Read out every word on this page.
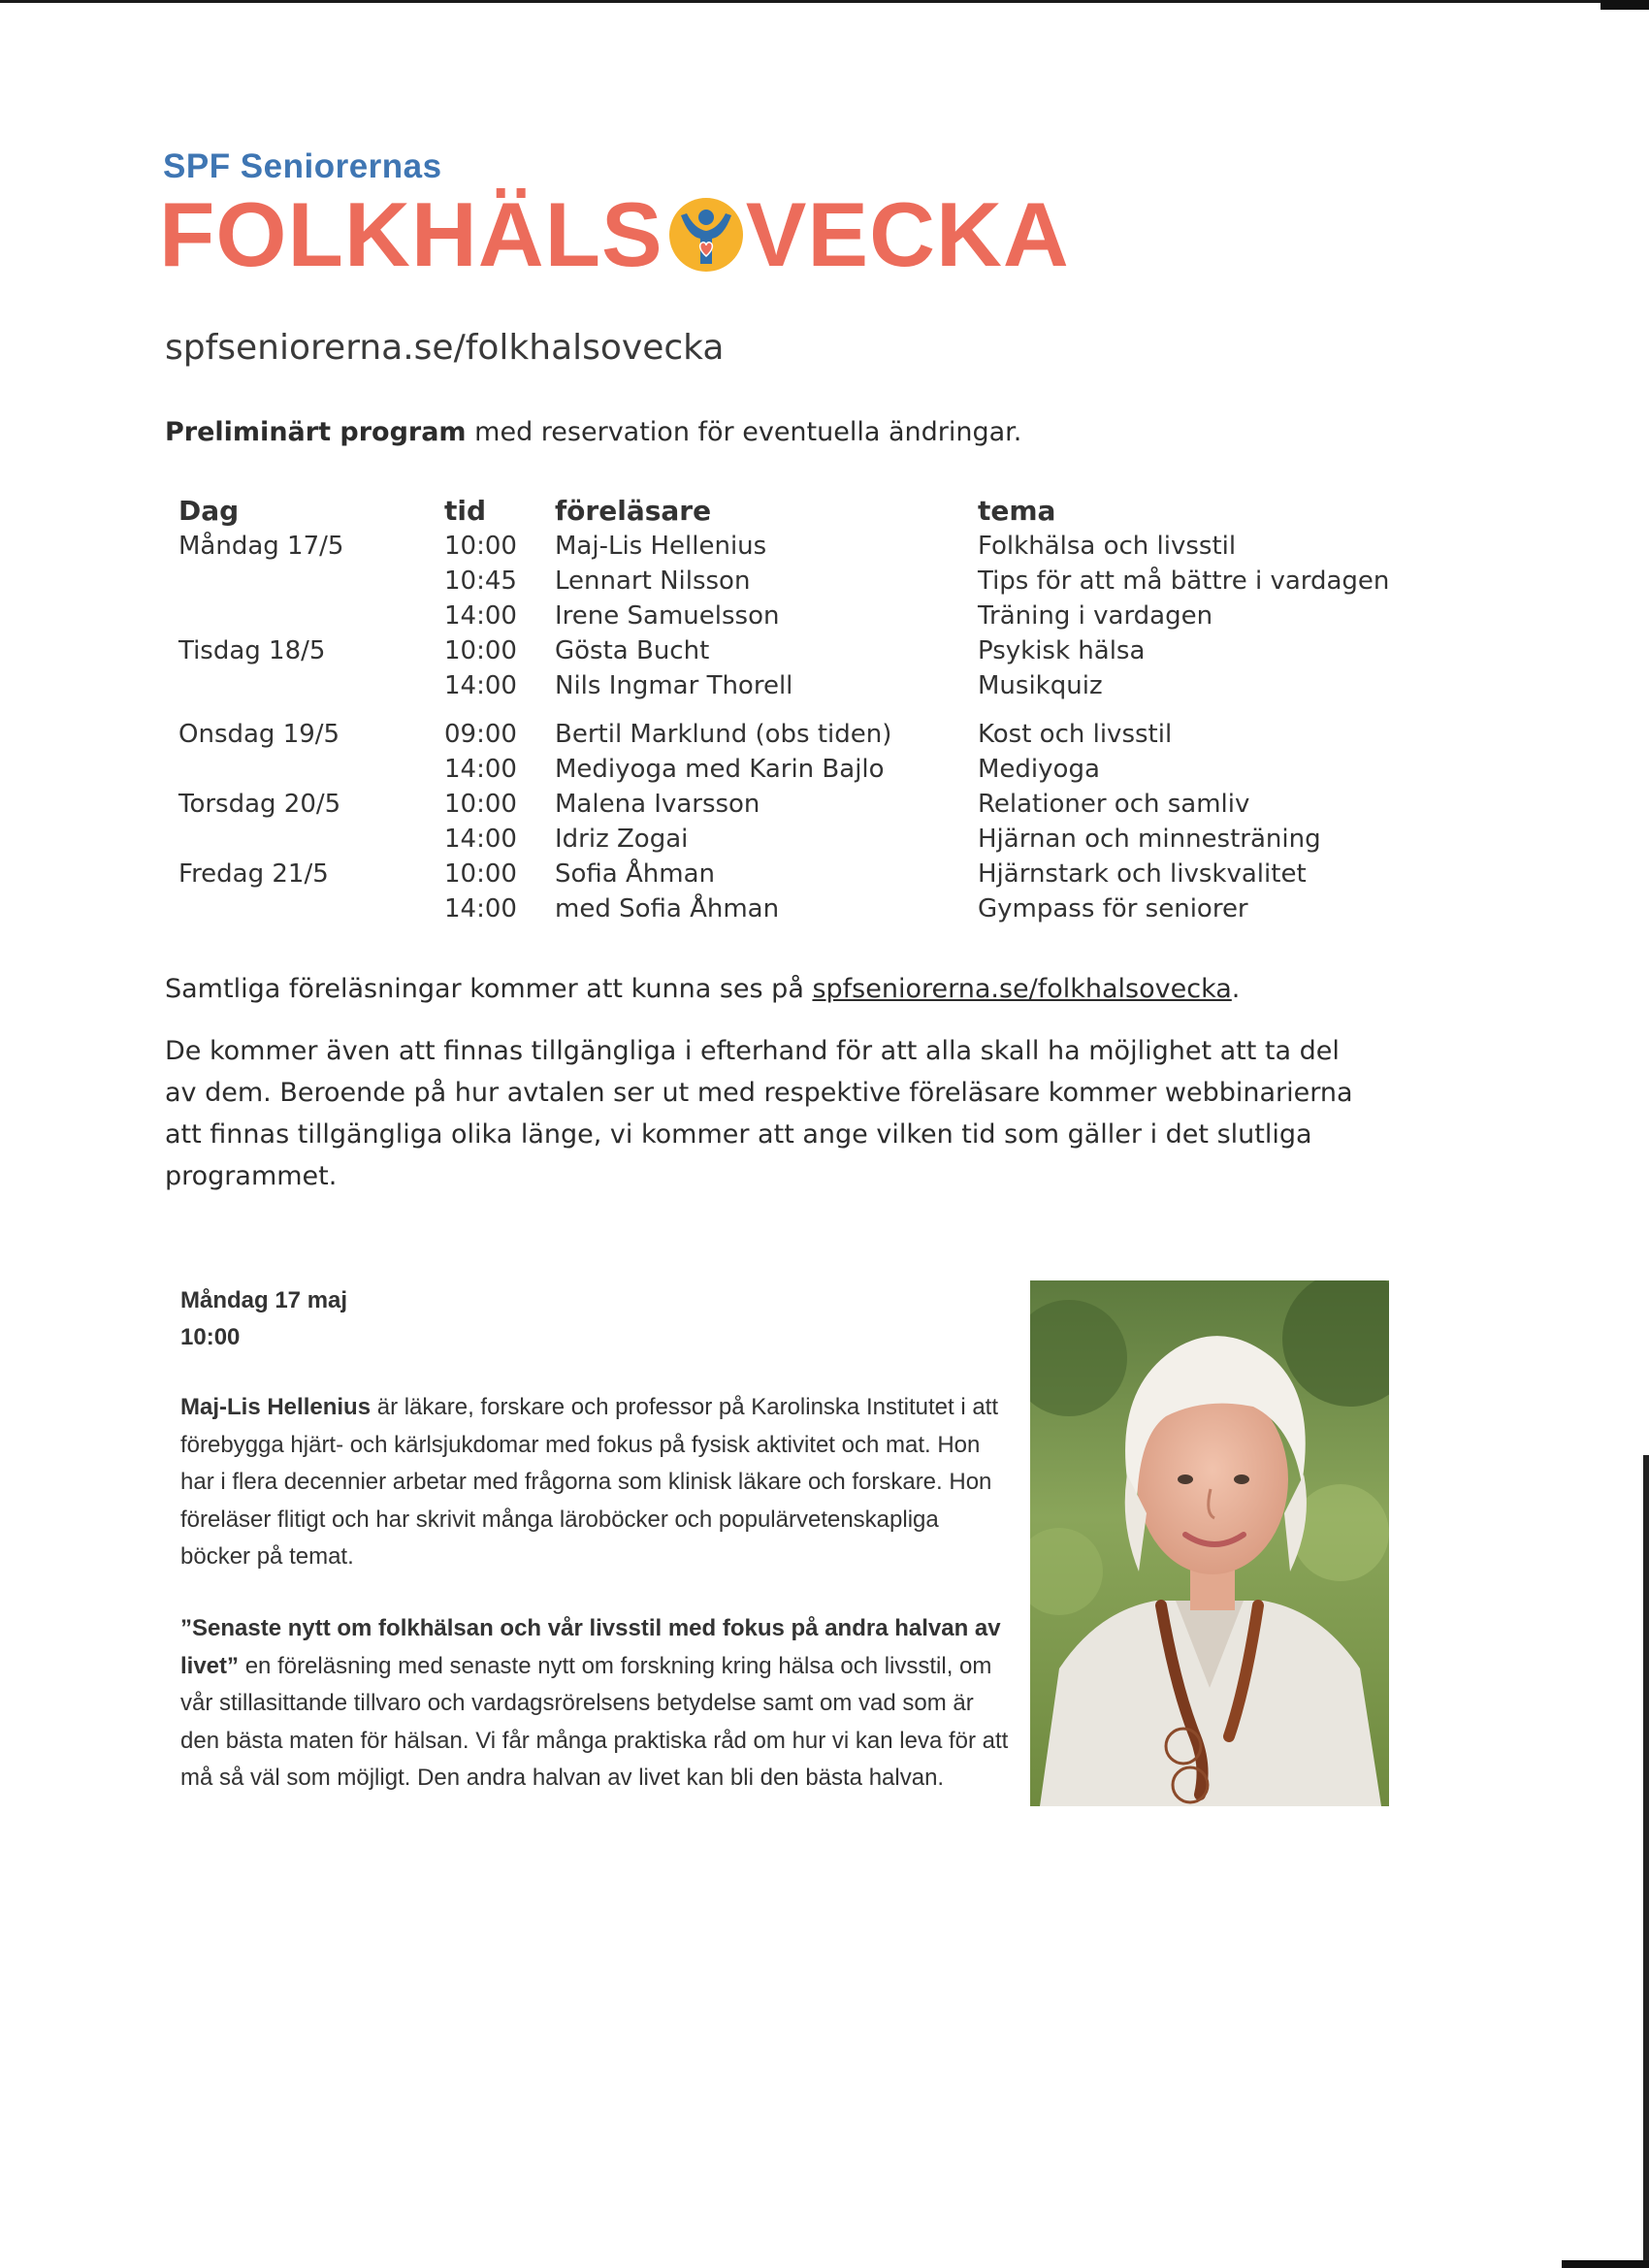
SPF Seniorernas
FOLKHÄLS VECKA
spfseniorerna.se/folkhalsovecka
Preliminärt program med reservation för eventuella ändringar.
Dag	tid	föreläsare	tema
Måndag 17/5	10:00 Maj-Lis Hellenius	Folkhälsa och livsstil
10:45 Lennart Nilsson	Tips för att må bättre i vardagen
14:00 Irene Samuelsson	Träning i vardagen
Tisdag 18/5	10:00 Gösta Bucht	Psykisk hälsa
14:00 Nils Ingmar Thorell	Musikquiz
Onsdag 19/5	09:00 Bertil Marklund (obs tiden)	Kost och livsstil
14:00 Mediyoga med Karin Bajlo	Mediyoga
Torsdag 20/5	10:00 Malena Ivarsson	Relationer och samliv
14:00 Idriz Zogai	Hjärnan och minnesträning
Fredag 21/5	10:00 Sofia Åhman	Hjärnstark och livskvalitet
14:00 med Sofia Åhman	Gympass för seniorer
Samtliga föreläsningar kommer att kunna ses på spfseniorerna.se/folkhalsovecka.
De kommer även att finnas tillgängliga i efterhand för att alla skall ha möjlighet att ta del av dem. Beroende på hur avtalen ser ut med respektive föreläsare kommer webbinarierna att finnas tillgängliga olika länge, vi kommer att ange vilken tid som gäller i det slutliga programmet.
Måndag 17 maj
10:00
Maj-Lis Hellenius är läkare, forskare och professor på Karolinska Institutet i att förebygga hjärt- och kärlsjukdomar med fokus på fysisk aktivitet och mat. Hon har i flera decennier arbetar med frågorna som klinisk läkare och forskare. Hon föreläser flitigt och har skrivit många läroböcker och populärvetenskapliga böcker på temat.
”Senaste nytt om folkhälsan och vår livsstil med fokus på andra halvan av livet” en föreläsning med senaste nytt om forskning kring hälsa och livsstil, om vår stillasittande tillvaro och vardagsrörelsens betydelse samt om vad som är den bästa maten för hälsan. Vi får många praktiska råd om hur vi kan leva för att må så väl som möjligt. Den andra halvan av livet kan bli den bästa halvan.
